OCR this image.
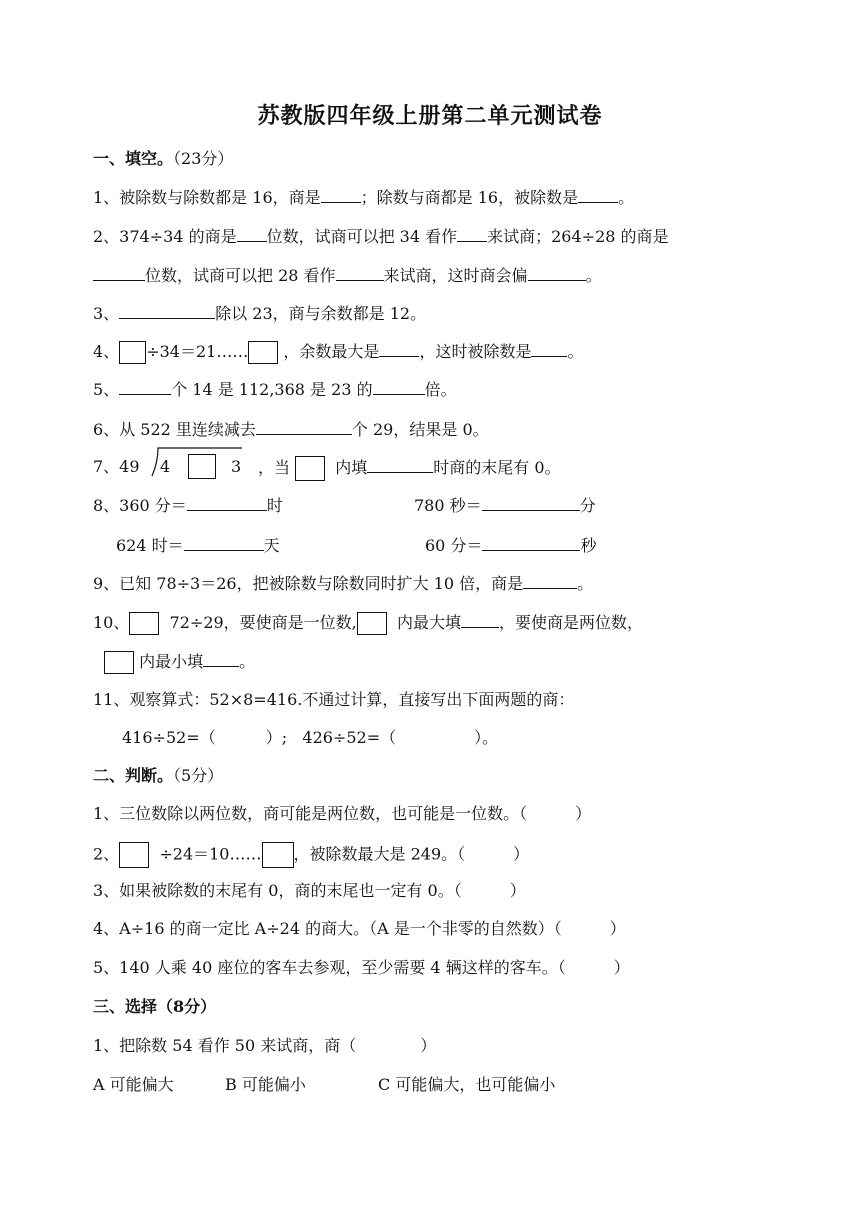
苏教版四年级上册第二单元测试卷
一、填空。（23分）
1、被除数与除数都是 16，商是	；除数与商都是 16，被除数是	。
2、374÷34 的商是 位数，试商可以把 34 看作 来试商；264÷28 的商是
位数，试商可以把 28 看作	来试商，这时商会偏	。
3、	除以 23，商与余数都是 12。
4、 ÷34＝21…… ，余数最大是	，这时被除数是 。
5、	个 14 是 112,368 是 23 的	倍。
6、从 522 里连续减去	个 29，结果是 0。
7、49 4	3 ，当	内填	时商的末尾有 0。
8、360 分＝	时	780 秒＝	分
624 时＝	天	60 分＝	秒
9、已知 78÷3＝26，把被除数与除数同时扩大 10 倍，商是	。
10、	72÷29，要使商是一位数,	内最大填 ，要使商是两位数，
内最小填 。
11、观察算式：52×8=416.不通过计算，直接写出下面两题的商：
416÷52=（	）; 426÷52=（	）。
二、判断。（5分）
1、三位数除以两位数，商可能是两位数，也可能是一位数。（　　　）
2、	÷24＝10…… ，被除数最大是 249。（　　　）
3、如果被除数的末尾有 0，商的末尾也一定有 0。（　　　）
4、A÷16 的商一定比 A÷24 的商大。（A 是一个非零的自然数）（　　　）
5、140 人乘 40 座位的客车去参观，至少需要 4 辆这样的客车。（　　　）
三、选择（8分）
1、把除数 54 看作 50 来试商，商（　　　　）
A 可能偏大	B 可能偏小	C 可能偏大，也可能偏小
